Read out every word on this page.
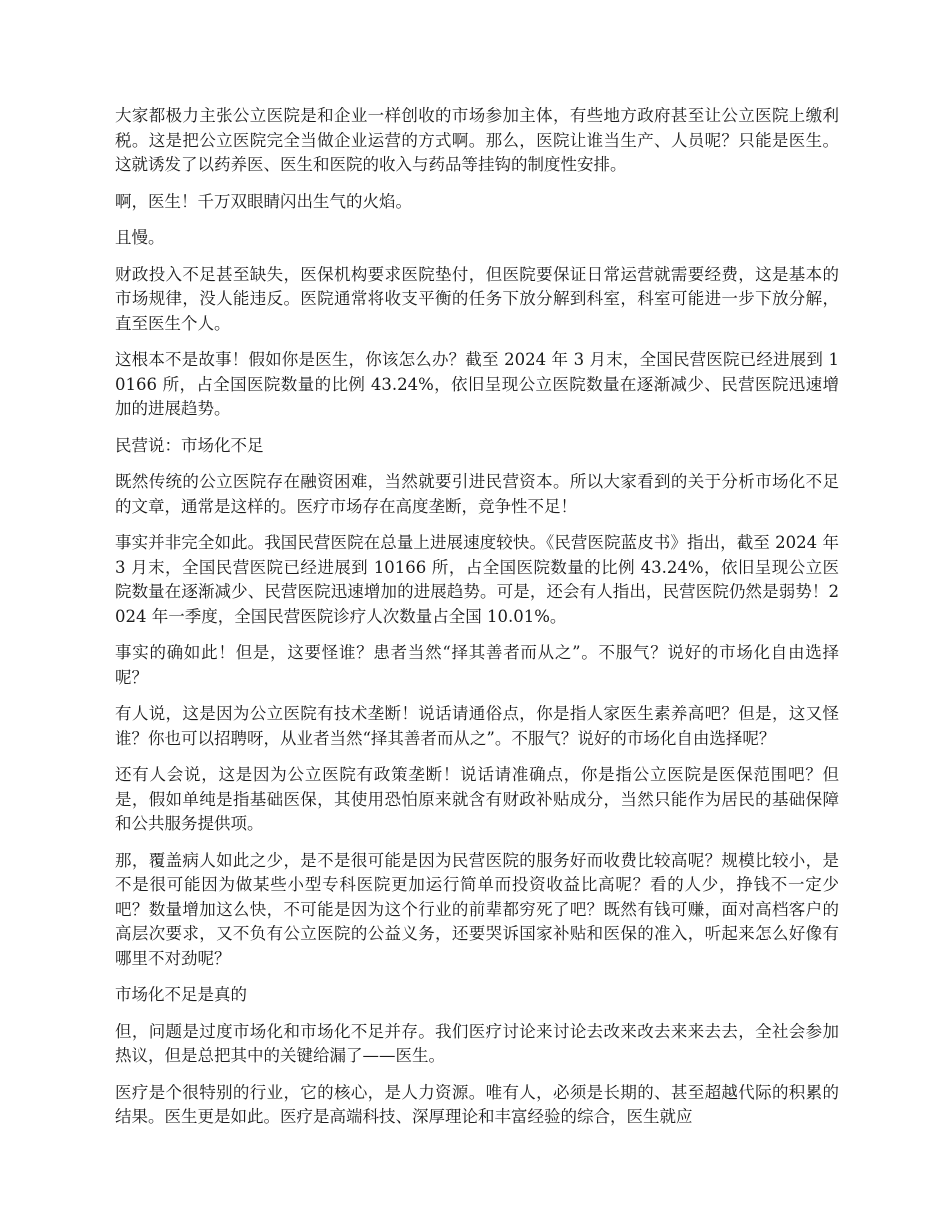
大家都极力主张公立医院是和企业一样创收的市场参加主体，有些地方政府甚至让公立医院上缴利税。这是把公立医院完全当做企业运营的方式啊。那么，医院让谁当生产、人员呢？只能是医生。这就诱发了以药养医、医生和医院的收入与药品等挂钩的制度性安排。

啊，医生！千万双眼睛闪出生气的火焰。

且慢。

财政投入不足甚至缺失，医保机构要求医院垫付，但医院要保证日常运营就需要经费，这是基本的市场规律，没人能违反。医院通常将收支平衡的任务下放分解到科室，科室可能进一步下放分解，直至医生个人。

这根本不是故事！假如你是医生，你该怎么办？截至 2024 年 3 月末，全国民营医院已经进展到 10166 所，占全国医院数量的比例 43.24%，依旧呈现公立医院数量在逐渐减少、民营医院迅速增加的进展趋势。

民营说：市场化不足

既然传统的公立医院存在融资困难，当然就要引进民营资本。所以大家看到的关于分析市场化不足的文章，通常是这样的。医疗市场存在高度垄断，竞争性不足！

事实并非完全如此。我国民营医院在总量上进展速度较快。《民营医院蓝皮书》指出，截至 2024 年 3 月末，全国民营医院已经进展到 10166 所，占全国医院数量的比例 43.24%，依旧呈现公立医院数量在逐渐减少、民营医院迅速增加的进展趋势。可是，还会有人指出，民营医院仍然是弱势！2024 年一季度，全国民营医院诊疗人次数量占全国 10.01%。

事实的确如此！但是，这要怪谁？患者当然“择其善者而从之”。不服气？说好的市场化自由选择呢？

有人说，这是因为公立医院有技术垄断！说话请通俗点，你是指人家医生素养高吧？但是，这又怪谁？你也可以招聘呀，从业者当然“择其善者而从之”。不服气？说好的市场化自由选择呢？

还有人会说，这是因为公立医院有政策垄断！说话请准确点，你是指公立医院是医保范围吧？但是，假如单纯是指基础医保，其使用恐怕原来就含有财政补贴成分，当然只能作为居民的基础保障和公共服务提供项。

那，覆盖病人如此之少，是不是很可能是因为民营医院的服务好而收费比较高呢？规模比较小，是不是很可能因为做某些小型专科医院更加运行简单而投资收益比高呢？看的人少，挣钱不一定少吧？数量增加这么快，不可能是因为这个行业的前辈都穷死了吧？既然有钱可赚，面对高档客户的高层次要求，又不负有公立医院的公益义务，还要哭诉国家补贴和医保的准入，听起来怎么好像有哪里不对劲呢？

市场化不足是真的

但，问题是过度市场化和市场化不足并存。我们医疗讨论来讨论去改来改去来来去去，全社会参加热议，但是总把其中的关键给漏了——医生。

医疗是个很特别的行业，它的核心，是人力资源。唯有人，必须是长期的、甚至超越代际的积累的结果。医生更是如此。医疗是高端科技、深厚理论和丰富经验的综合，医生就应
